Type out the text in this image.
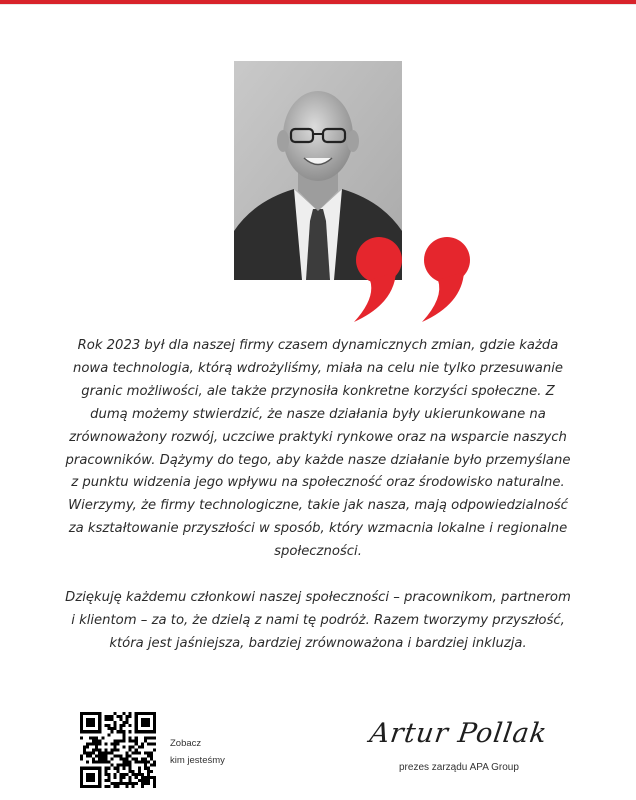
Rok 2023 był dla naszej firmy czasem dynamicznych zmian, gdzie każda nowa technologia, którą wdrożyliśmy, miała na celu nie tylko przesuwanie granic możliwości, ale także przynosiła konkretne korzyści społeczne. Z dumą możemy stwierdzić, że nasze działania były ukierunkowane na zrównoważony rozwój, uczciwe praktyki rynkowe oraz na wsparcie naszych pracowników. Dążymy do tego, aby każde nasze działanie było przemyślane z punktu widzenia jego wpływu na społeczność oraz środowisko naturalne. Wierzymy, że firmy technologiczne, takie jak nasza, mają odpowiedzialność za kształtowanie przyszłości w sposób, który wzmacnia lokalne i regionalne społeczności.

Dziękuję każdemu członkowi naszej społeczności – pracownikom, partnerom i klientom – za to, że dzielą z nami tę podróż. Razem tworzymy przyszłość, która jest jaśniejsza, bardziej zrównoważona i bardziej inkluzja.

Zobacz
kim jesteśmy
Artur Pollak
prezes zarządu APA Group
